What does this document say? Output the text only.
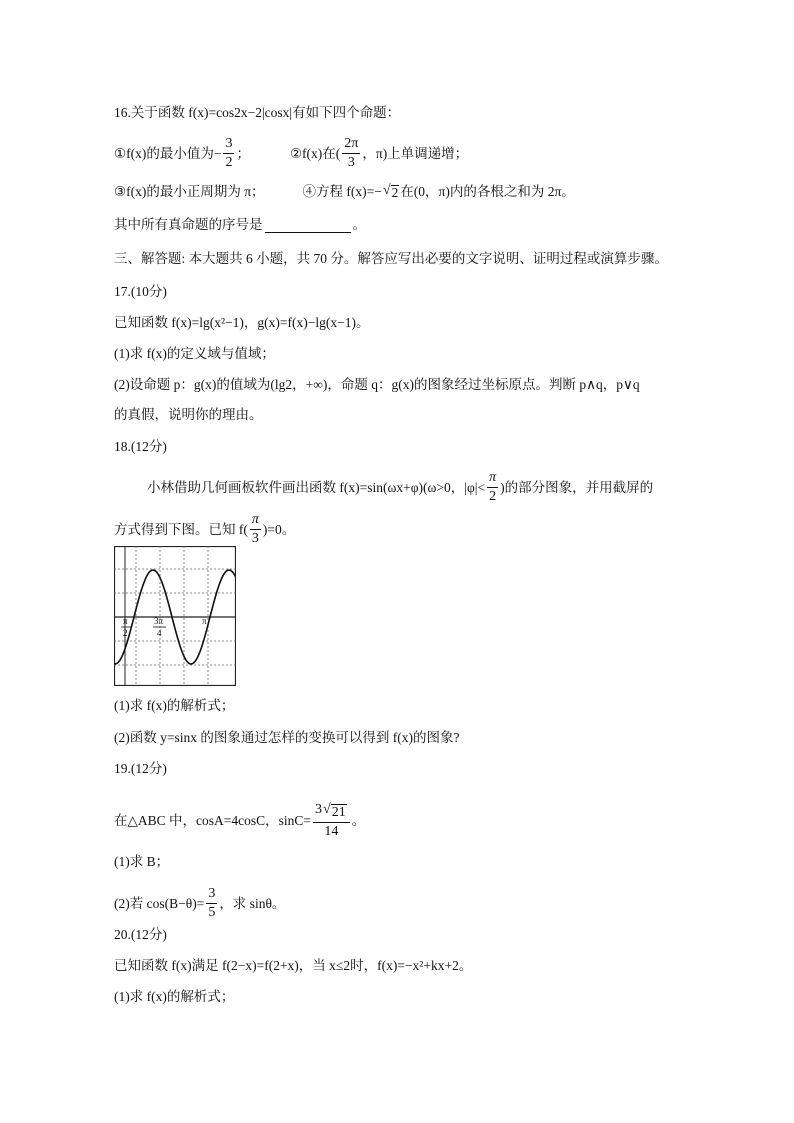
16.关于函数 f(x)=cos2x−2|cosx|有如下四个命题：
①f(x)的最小值为− $\frac{3}{2}$ ；	②f(x)在( $\frac{2\pi}{3}$ ，π)上单调递增；
③f(x)的最小正周期为 π；	④方程 f(x)=− √ 2 在(0，π)内的各根之和为 2π。
其中所有真命题的序号是	。
三、解答题: 本大题共 6 小题，共 70 分。解答应写出必要的文字说明、证明过程或演算步骤。
17.(10分)
已知函数 f(x)=lg(x²−1)，g(x)=f(x)−lg(x−1)。
(1)求 f(x)的定义域与值域；
(2)设命题 p：g(x)的值域为(lg2，+∞)，命题 q：g(x)的图象经过坐标原点。判断 p∧q，p∨q
的真假，说明你的理由。
18.(12分)
小林借助几何画板软件画出函数 f(x)=sin(ωx+φ)(ω>0，$|\varphi|< \frac{\pi}{2}$ )的部分图象，并用截屏的
方式得到下图。已知 $f( \frac{\pi}{3} )=0$。
π
2
3π
4
π
(1)求 f(x)的解析式；
(2)函数 y=sinx 的图象通过怎样的变换可以得到 f(x)的图象?
19.(12分)
在△ABC 中，cosA=4cosC，$\sin C= \frac{3 √ 21}{14}$ 。
(1)求 B；
(2)若 $\cos(B-\theta)= \frac{3}{5}$ ，求 sinθ。
20.(12分)
已知函数 f(x)满足 f(2−x)=f(2+x)，当 x≤2时，f(x)=−x²+kx+2。
(1)求 f(x)的解析式；
